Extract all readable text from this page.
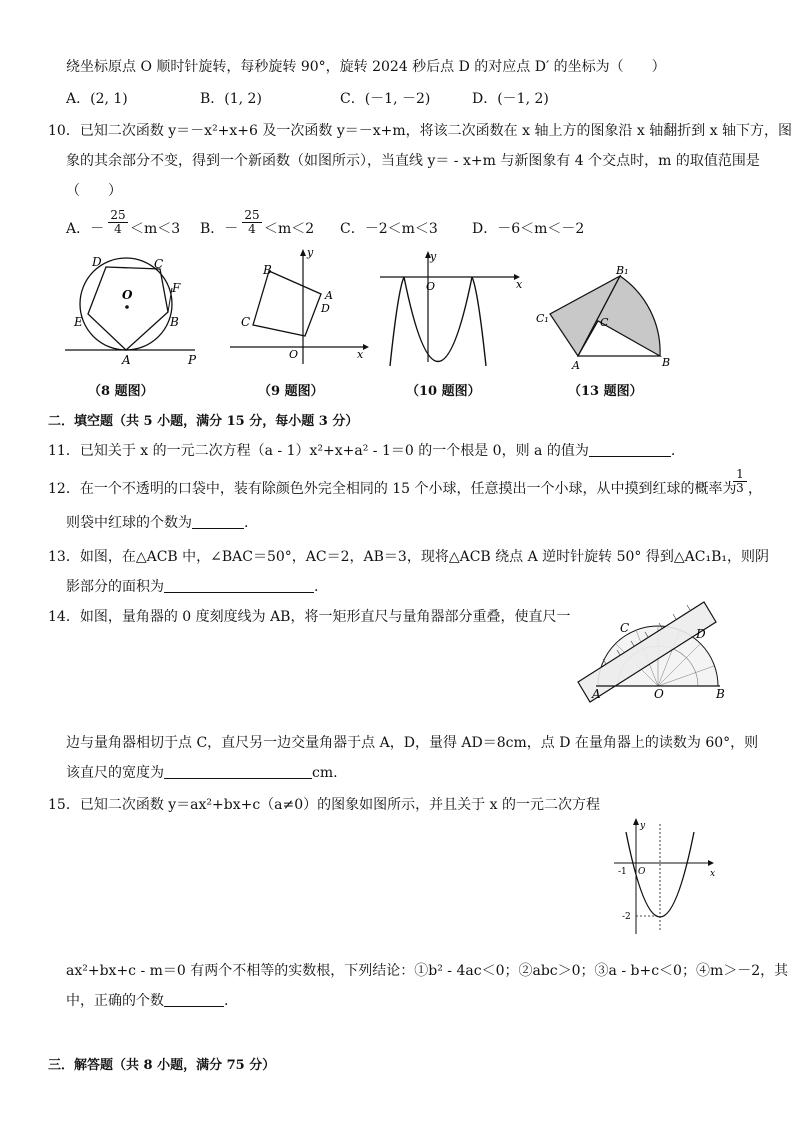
绕坐标原点 O 顺时针旋转，每秒旋转 90°，旋转 2024 秒后点 D 的对应点 D′ 的坐标为（　　）
A．(2, 1)	B．(1, 2)	C．(－1, －2)	D．(－1, 2)
10．已知二次函数 y＝－x²+x+6 及一次函数 y＝－x+m，将该二次函数在 x 轴上方的图象沿 x 轴翻折到 x 轴下方，图
象的其余部分不变，得到一个新函数（如图所示），当直线 y＝ - x+m 与新图象有 4 个交点时，m 的取值范围是
（　　）
A．－ $\frac{25}{4} <m<3$ B．－ $\frac{25}{4} <m<2$ C．－2＜m＜3 D．－6＜m＜－2
D	C
O	F
E	B
A	P
（8 题图）
y
B
A
D
C
O	x
（9 题图）
y
O	x
（10 题图）
B₁
C₁	C
A	B
（13 题图）
二．填空题（共 5 小题，满分 15 分，每小题 3 分）
11．已知关于 x 的一元二次方程（a - 1）x²+x+a² - 1＝0 的一个根是 0，则 a 的值为	.
12．在一个不透明的口袋中，装有除颜色外完全相同的 15 个小球，任意摸出一个小球，从中摸到红球的概率为
$\frac{1}{3}$ ，
则袋中红球的个数为	.
13．如图，在△ACB 中，∠BAC＝50°，AC＝2，AB＝3，现将△ACB 绕点 A 逆时针旋转 50° 得到△AC₁B₁，则阴
影部分的面积为	.
14．如图，量角器的 0 度刻度线为 AB，将一矩形直尺与量角器部分重叠，使直尺一
C	D
A	O	B
边与量角器相切于点 C，直尺另一边交量角器于点 A，D，量得 AD＝8cm，点 D 在量角器上的读数为 60°，则
该直尺的宽度为	cm.
15．已知二次函数 y＝ax²+bx+c（a≠0）的图象如图所示，并且关于 x 的一元二次方程
y
-1 O	x
-2
ax²+bx+c - m＝0 有两个不相等的实数根，下列结论：①b² - 4ac＜0；②abc＞0；③a - b+c＜0；④m＞－2，其
中，正确的个数	.
三．解答题（共 8 小题，满分 75 分）
